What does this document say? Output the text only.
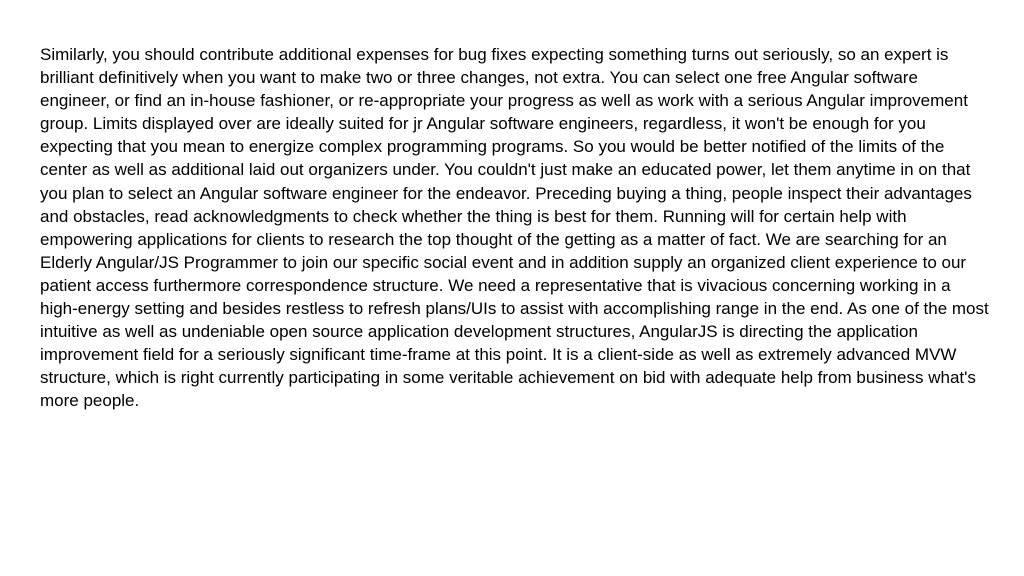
Similarly, you should contribute additional expenses for bug fixes expecting something turns out seriously, so an expert is brilliant definitively when you want to make two or three changes, not extra. You can select one free Angular software engineer, or find an in-house fashioner, or re-appropriate your progress as well as work with a serious Angular improvement group. Limits displayed over are ideally suited for jr Angular software engineers, regardless, it won't be enough for you expecting that you mean to energize complex programming programs. So you would be better notified of the limits of the center as well as additional laid out organizers under. You couldn't just make an educated power, let them anytime in on that you plan to select an Angular software engineer for the endeavor. Preceding buying a thing, people inspect their advantages and obstacles, read acknowledgments to check whether the thing is best for them. Running will for certain help with empowering applications for clients to research the top thought of the getting as a matter of fact. We are searching for an Elderly Angular/JS Programmer to join our specific social event and in addition supply an organized client experience to our patient access furthermore correspondence structure. We need a representative that is vivacious concerning working in a high-energy setting and besides restless to refresh plans/UIs to assist with accomplishing range in the end. As one of the most intuitive as well as undeniable open source application development structures, AngularJS is directing the application improvement field for a seriously significant time-frame at this point. It is a client-side as well as extremely advanced MVW structure, which is right currently participating in some veritable achievement on bid with adequate help from business what's more people.
